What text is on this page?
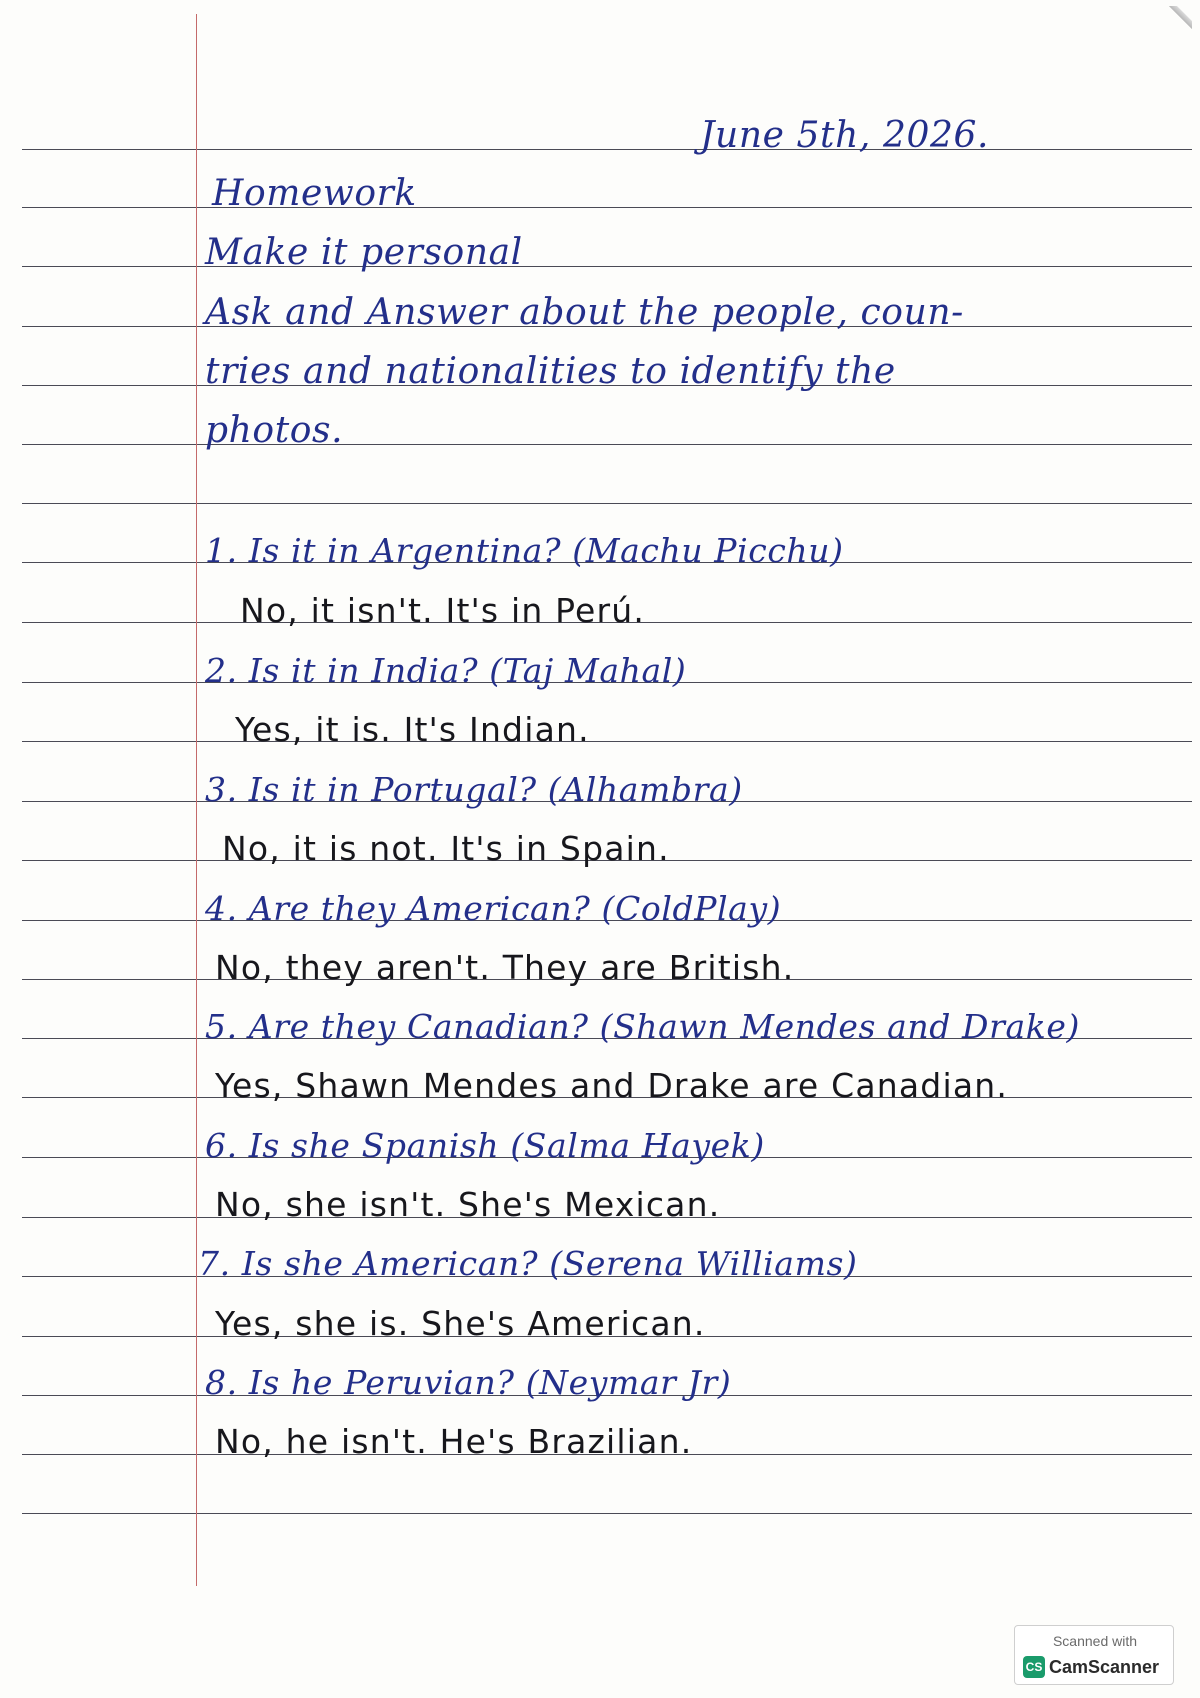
June 5th, 2026.
Homework
Make it personal
Ask and Answer about the people, coun-
tries and nationalities to identify the
photos.
1. Is it in Argentina? (Machu Picchu)
No, it isn't. It's in Perú.
2. Is it in India? (Taj Mahal)
Yes, it is. It's Indian.
3. Is it in Portugal? (Alhambra)
No, it is not. It's in Spain.
4. Are they American? (ColdPlay)
No, they aren't. They are British.
5. Are they Canadian? (Shawn Mendes and Drake)
Yes, Shawn Mendes and Drake are Canadian.
6. Is she Spanish (Salma Hayek)
No, she isn't. She's Mexican.
7. Is she American? (Serena Williams)
Yes, she is. She's American.
8. Is he Peruvian? (Neymar Jr)
No, he isn't. He's Brazilian.
Scanned with
CS CamScanner
